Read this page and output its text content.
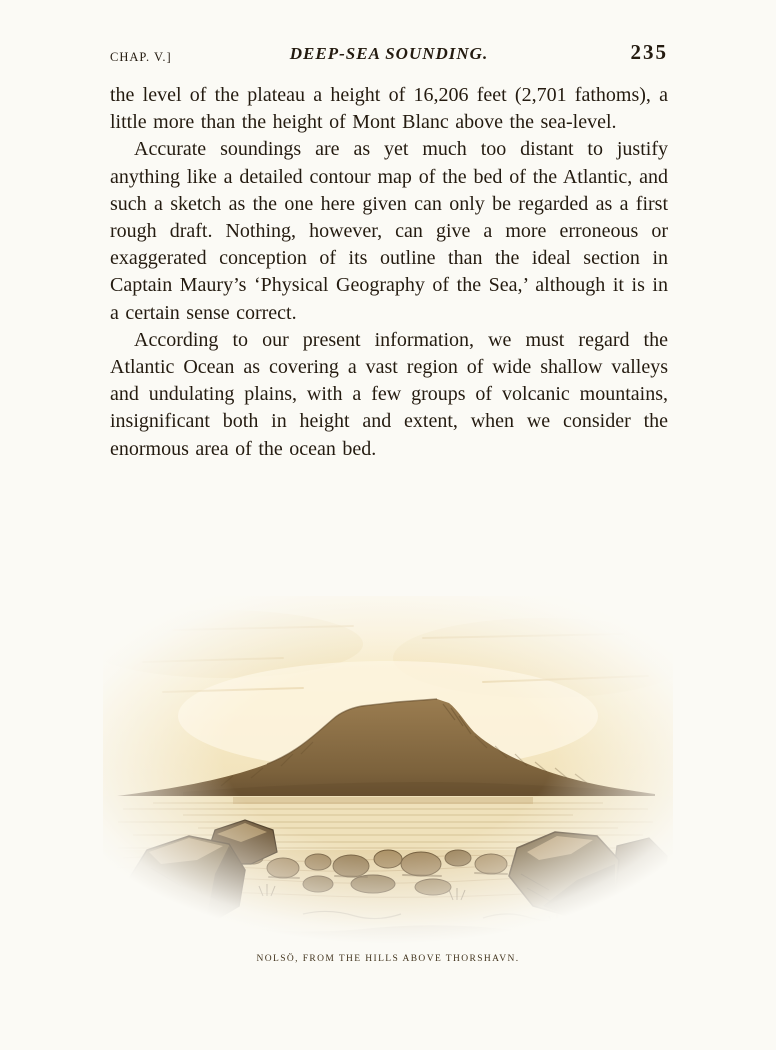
CHAP. V.]	DEEP-SEA SOUNDING.	235

the level of the plateau a height of 16,206 feet (2,701 fathoms), a little more than the height of Mont Blanc above the sea-level.

Accurate soundings are as yet much too distant to justify anything like a detailed contour map of the bed of the Atlantic, and such a sketch as the one here given can only be regarded as a first rough draft. Nothing, however, can give a more erroneous or exaggerated conception of its outline than the ideal section in Captain Maury’s ‘Physical Geography of the Sea,’ although it is in a certain sense correct.

According to our present information, we must regard the Atlantic Ocean as covering a vast region of wide shallow valleys and undulating plains, with a few groups of volcanic mountains, insignificant both in height and extent, when we consider the enormous area of the ocean bed.

NOLSÖ, FROM THE HILLS ABOVE THORSHAVN.
